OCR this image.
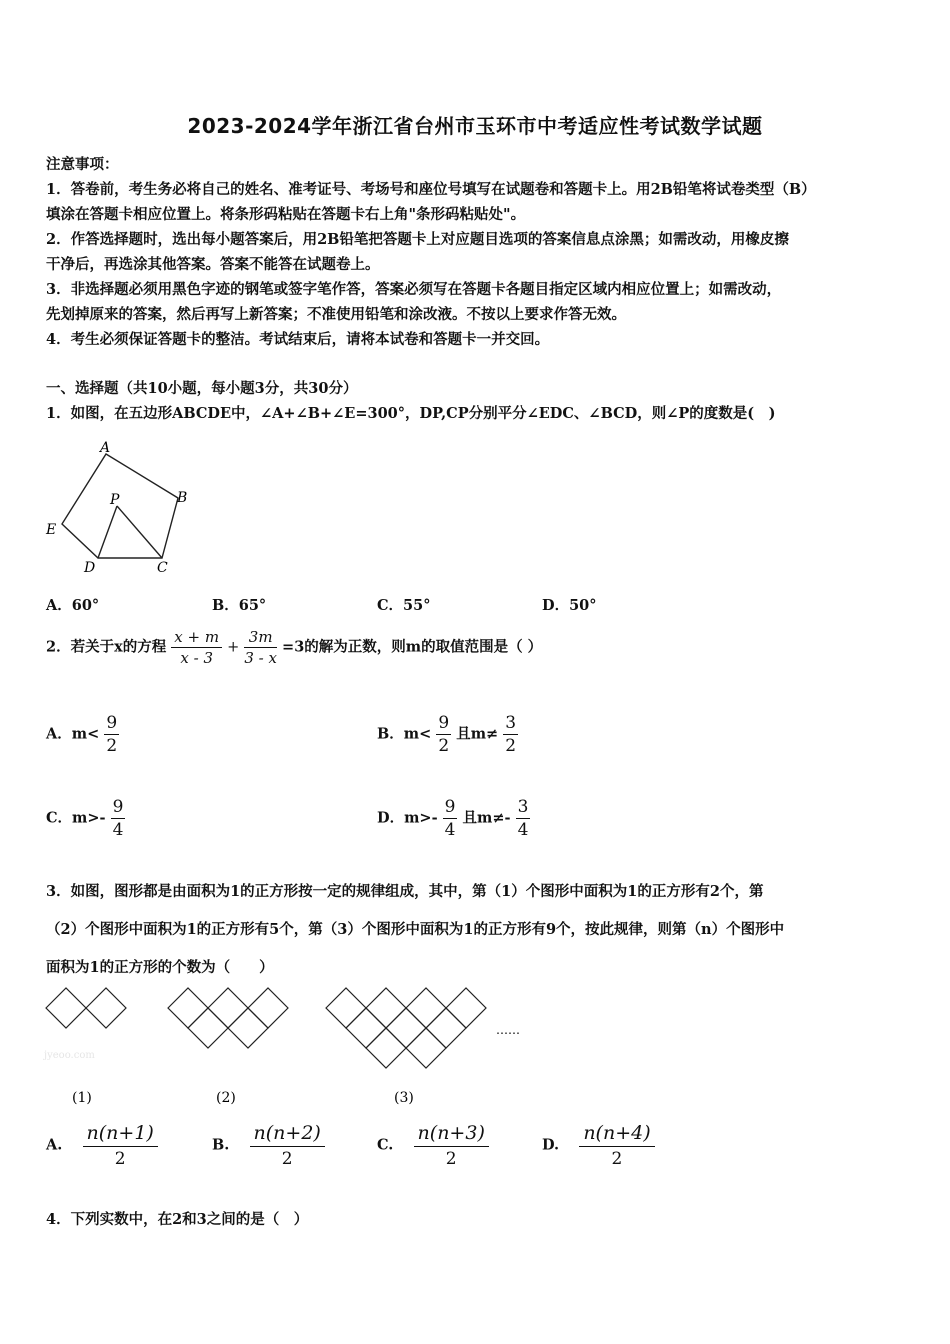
2023-2024学年浙江省台州市玉环市中考适应性考试数学试题
注意事项：
1．答卷前，考生务必将自己的姓名、准考证号、考场号和座位号填写在试题卷和答题卡上。用2B铅笔将试卷类型（B）
填涂在答题卡相应位置上。将条形码粘贴在答题卡右上角"条形码粘贴处"。
2．作答选择题时，选出每小题答案后，用2B铅笔把答题卡上对应题目选项的答案信息点涂黑；如需改动，用橡皮擦
干净后，再选涂其他答案。答案不能答在试题卷上。
3．非选择题必须用黑色字迹的钢笔或签字笔作答，答案必须写在答题卡各题目指定区域内相应位置上；如需改动，
先划掉原来的答案，然后再写上新答案；不准使用铅笔和涂改液。不按以上要求作答无效。
4．考生必须保证答题卡的整洁。考试结束后，请将本试卷和答题卡一并交回。
一、选择题（共10小题，每小题3分，共30分）
1．如图，在五边形ABCDE中，∠A+∠B+∠E=300°，DP,CP分别平分∠EDC、∠BCD，则∠P的度数是(　)
A
B
C
D
E
P
A．60°	B．65°	C．55°	D．50°
2．若关于x的方程 $\frac{x + m}{x - 3} + \frac{3m}{3 - x} =3$的解为正数，则m的取值范围是（ ）
A．$m< \frac{9}{2}$	B．$m< \frac{9}{2}$ 且$m\ne \frac{3}{2}$
C．$m>- \frac{9}{4}$	D．$m>- \frac{9}{4}$ 且$m\ne- \frac{3}{4}$
3．如图，图形都是由面积为1的正方形按一定的规律组成，其中，第（1）个图形中面积为1的正方形有2个，第
（2）个图形中面积为1的正方形有5个，第（3）个图形中面积为1的正方形有9个，按此规律，则第（n）个图形中
面积为1的正方形的个数为（　　）
……
jyeoo.com
(1)	(2)	(3)
A. $\frac{n(n+1)}{2}$	B. $\frac{n(n+2)}{2}$	C. $\frac{n(n+3)}{2}$	D. $\frac{n(n+4)}{2}$
4．下列实数中，在2和3之间的是（　）
